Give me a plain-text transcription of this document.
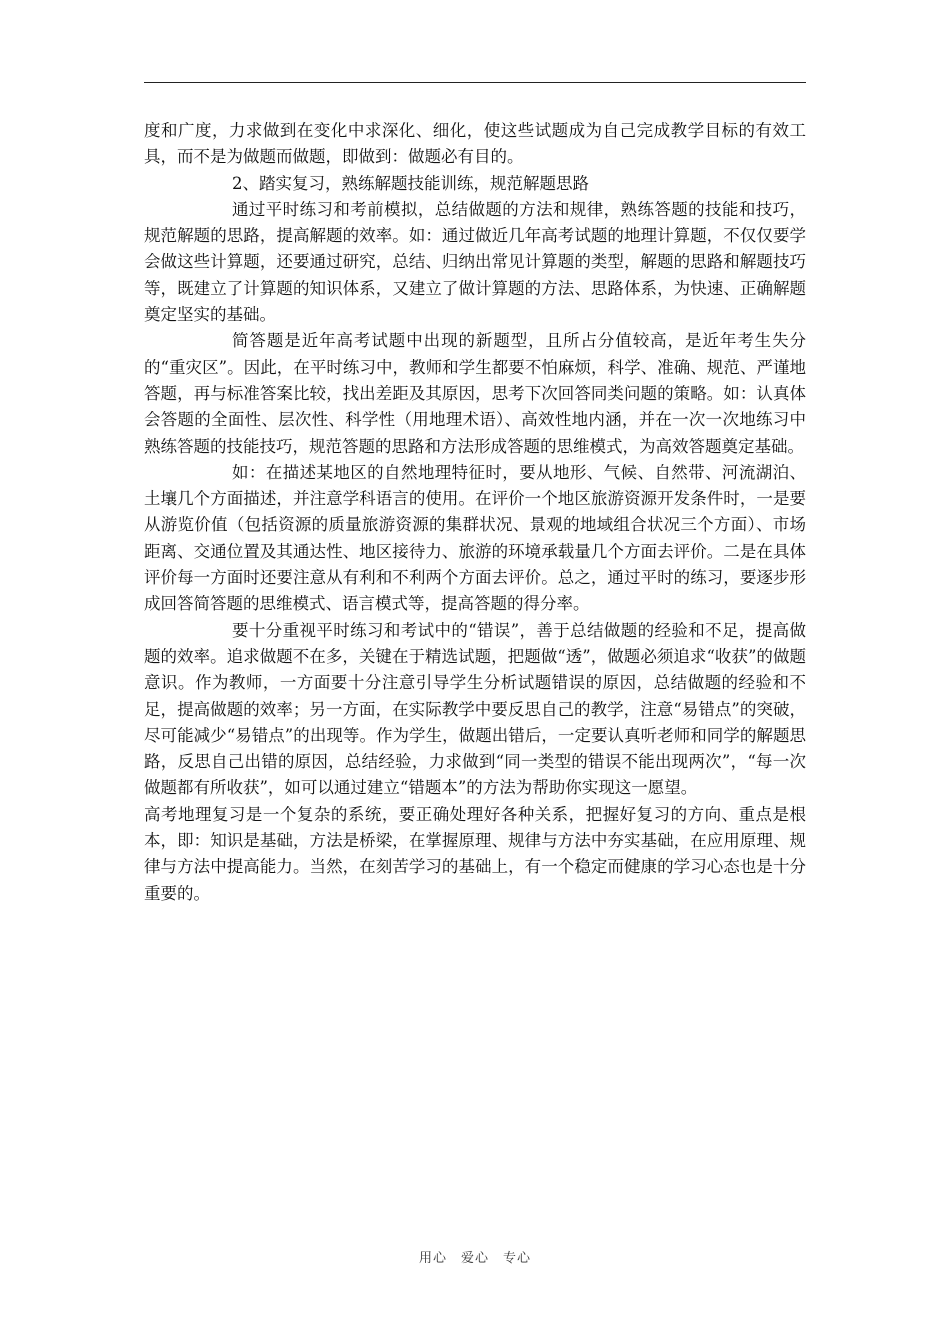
度和广度，力求做到在变化中求深化、细化，使这些试题成为自己完成教学目标的有效工具，而不是为做题而做题，即做到：做题必有目的。

2、踏实复习，熟练解题技能训练，规范解题思路

通过平时练习和考前模拟，总结做题的方法和规律，熟练答题的技能和技巧，规范解题的思路，提高解题的效率。如：通过做近几年高考试题的地理计算题，不仅仅要学会做这些计算题，还要通过研究，总结、归纳出常见计算题的类型，解题的思路和解题技巧等，既建立了计算题的知识体系，又建立了做计算题的方法、思路体系，为快速、正确解题奠定坚实的基础。

简答题是近年高考试题中出现的新题型，且所占分值较高，是近年考生失分的“重灾区”。因此，在平时练习中，教师和学生都要不怕麻烦，科学、准确、规范、严谨地答题，再与标准答案比较，找出差距及其原因，思考下次回答同类问题的策略。如：认真体会答题的全面性、层次性、科学性（用地理术语）、高效性地内涵，并在一次一次地练习中熟练答题的技能技巧，规范答题的思路和方法形成答题的思维模式，为高效答题奠定基础。

如：在描述某地区的自然地理特征时，要从地形、气候、自然带、河流湖泊、土壤几个方面描述，并注意学科语言的使用。在评价一个地区旅游资源开发条件时，一是要从游览价值（包括资源的质量旅游资源的集群状况、景观的地域组合状况三个方面）、市场距离、交通位置及其通达性、地区接待力、旅游的环境承载量几个方面去评价。二是在具体评价每一方面时还要注意从有利和不利两个方面去评价。总之，通过平时的练习，要逐步形成回答简答题的思维模式、语言模式等，提高答题的得分率。

要十分重视平时练习和考试中的“错误”，善于总结做题的经验和不足，提高做题的效率。追求做题不在多，关键在于精选试题，把题做“透”，做题必须追求“收获”的做题意识。作为教师，一方面要十分注意引导学生分析试题错误的原因，总结做题的经验和不足，提高做题的效率；另一方面，在实际教学中要反思自己的教学，注意“易错点”的突破，尽可能减少“易错点”的出现等。作为学生，做题出错后，一定要认真听老师和同学的解题思路，反思自己出错的原因，总结经验，力求做到“同一类型的错误不能出现两次”，“每一次做题都有所收获”，如可以通过建立“错题本”的方法为帮助你实现这一愿望。

高考地理复习是一个复杂的系统，要正确处理好各种关系，把握好复习的方向、重点是根本，即：知识是基础，方法是桥梁，在掌握原理、规律与方法中夯实基础，在应用原理、规律与方法中提高能力。当然，在刻苦学习的基础上，有一个稳定而健康的学习心态也是十分重要的。

用心　爱心　专心
